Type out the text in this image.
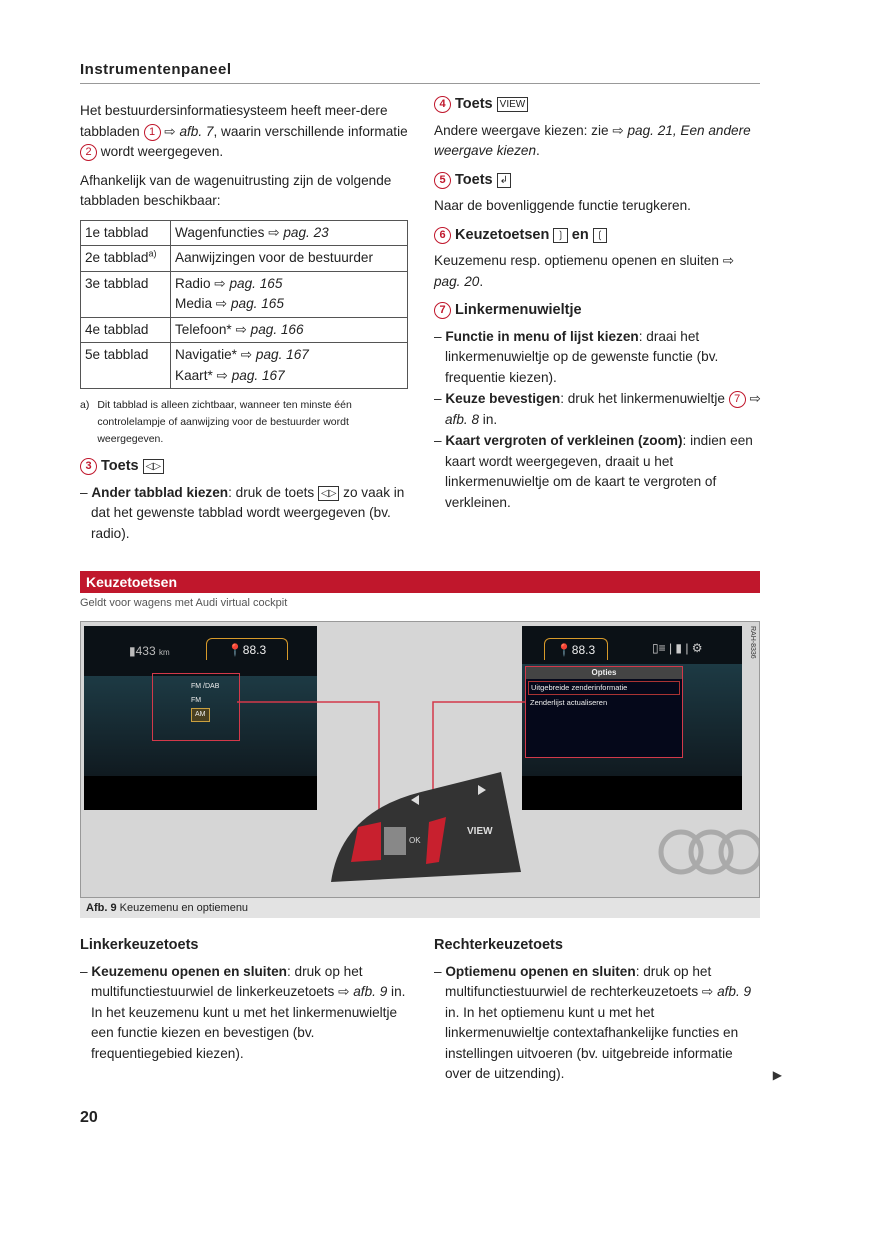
Instrumentenpaneel

Het bestuurdersinformatiesysteem heeft meer-dere tabbladen 1 ⇨ afb. 7, waarin verschillende informatie 2 wordt weergegeven.

Afhankelijk van de wagenuitrusting zijn de volgende tabbladen beschikbaar:

1e tabblad	Wagenfuncties ⇨ pag. 23

2e tabblad$^{a)}$	Aanwijzingen voor de bestuurder

3e tabblad	Radio ⇨ pag. 165
Media ⇨ pag. 165

4e tabblad	Telefoon* ⇨ pag. 166

5e tabblad	Navigatie* ⇨ pag. 167
Kaart* ⇨ pag. 167
a) Dit tabblad is alleen zichtbaar, wanneer ten minste één controlelampje of aanwijzing voor de bestuurder wordt weergegeven.
3 Toets ◁▷
– Ander tabblad kiezen: druk de toets ◁▷ zo vaak in dat het gewenste tabblad wordt weergegeven (bv. radio).
4 Toets VIEW

Andere weergave kiezen: zie ⇨ pag. 21, Een andere weergave kiezen.

5 Toets ↲

Naar de bovenliggende functie terugkeren.

6 Keuzetoetsen ❳ en ❲

Keuzemenu resp. optiemenu openen en sluiten ⇨ pag. 20.

7 Linkermenuwieltje
– Functie in menu of lijst kiezen: draai het linkermenuwieltje op de gewenste functie (bv. frequentie kiezen).
– Keuze bevestigen: druk het linkermenuwieltje 7 ⇨ afb. 8 in.
– Kaart vergroten of verkleinen (zoom): indien een kaart wordt weergegeven, draait u het linkermenuwieltje om de kaart te vergroten of verkleinen.
Keuzetoetsen
Geldt voor wagens met Audi virtual cockpit
▮433 km	📍88.3
FM /DAB
FM
AM
📍88.3	▯≡ | ▮ | ⚙
Opties
Uitgebreide zenderinformatie
Zenderlijst actualiseren
RAH-8336
OK
VIEW
Afb. 9 Keuzemenu en optiemenu
Linkerkeuzetoets
– Keuzemenu openen en sluiten: druk op het multifunctiestuurwiel de linkerkeuzetoets ⇨ afb. 9 in. In het keuzemenu kunt u met het linkermenuwieltje een functie kiezen en bevestigen (bv. frequentiegebied kiezen).
Rechterkeuzetoets
– Optiemenu openen en sluiten: druk op het multifunctiestuurwiel de rechterkeuzetoets ⇨ afb. 9 in. In het optiemenu kunt u met het linkermenuwieltje contextafhankelijke functies en instellingen uitvoeren (bv. uitgebreide informatie over de uitzending).	▶
20
